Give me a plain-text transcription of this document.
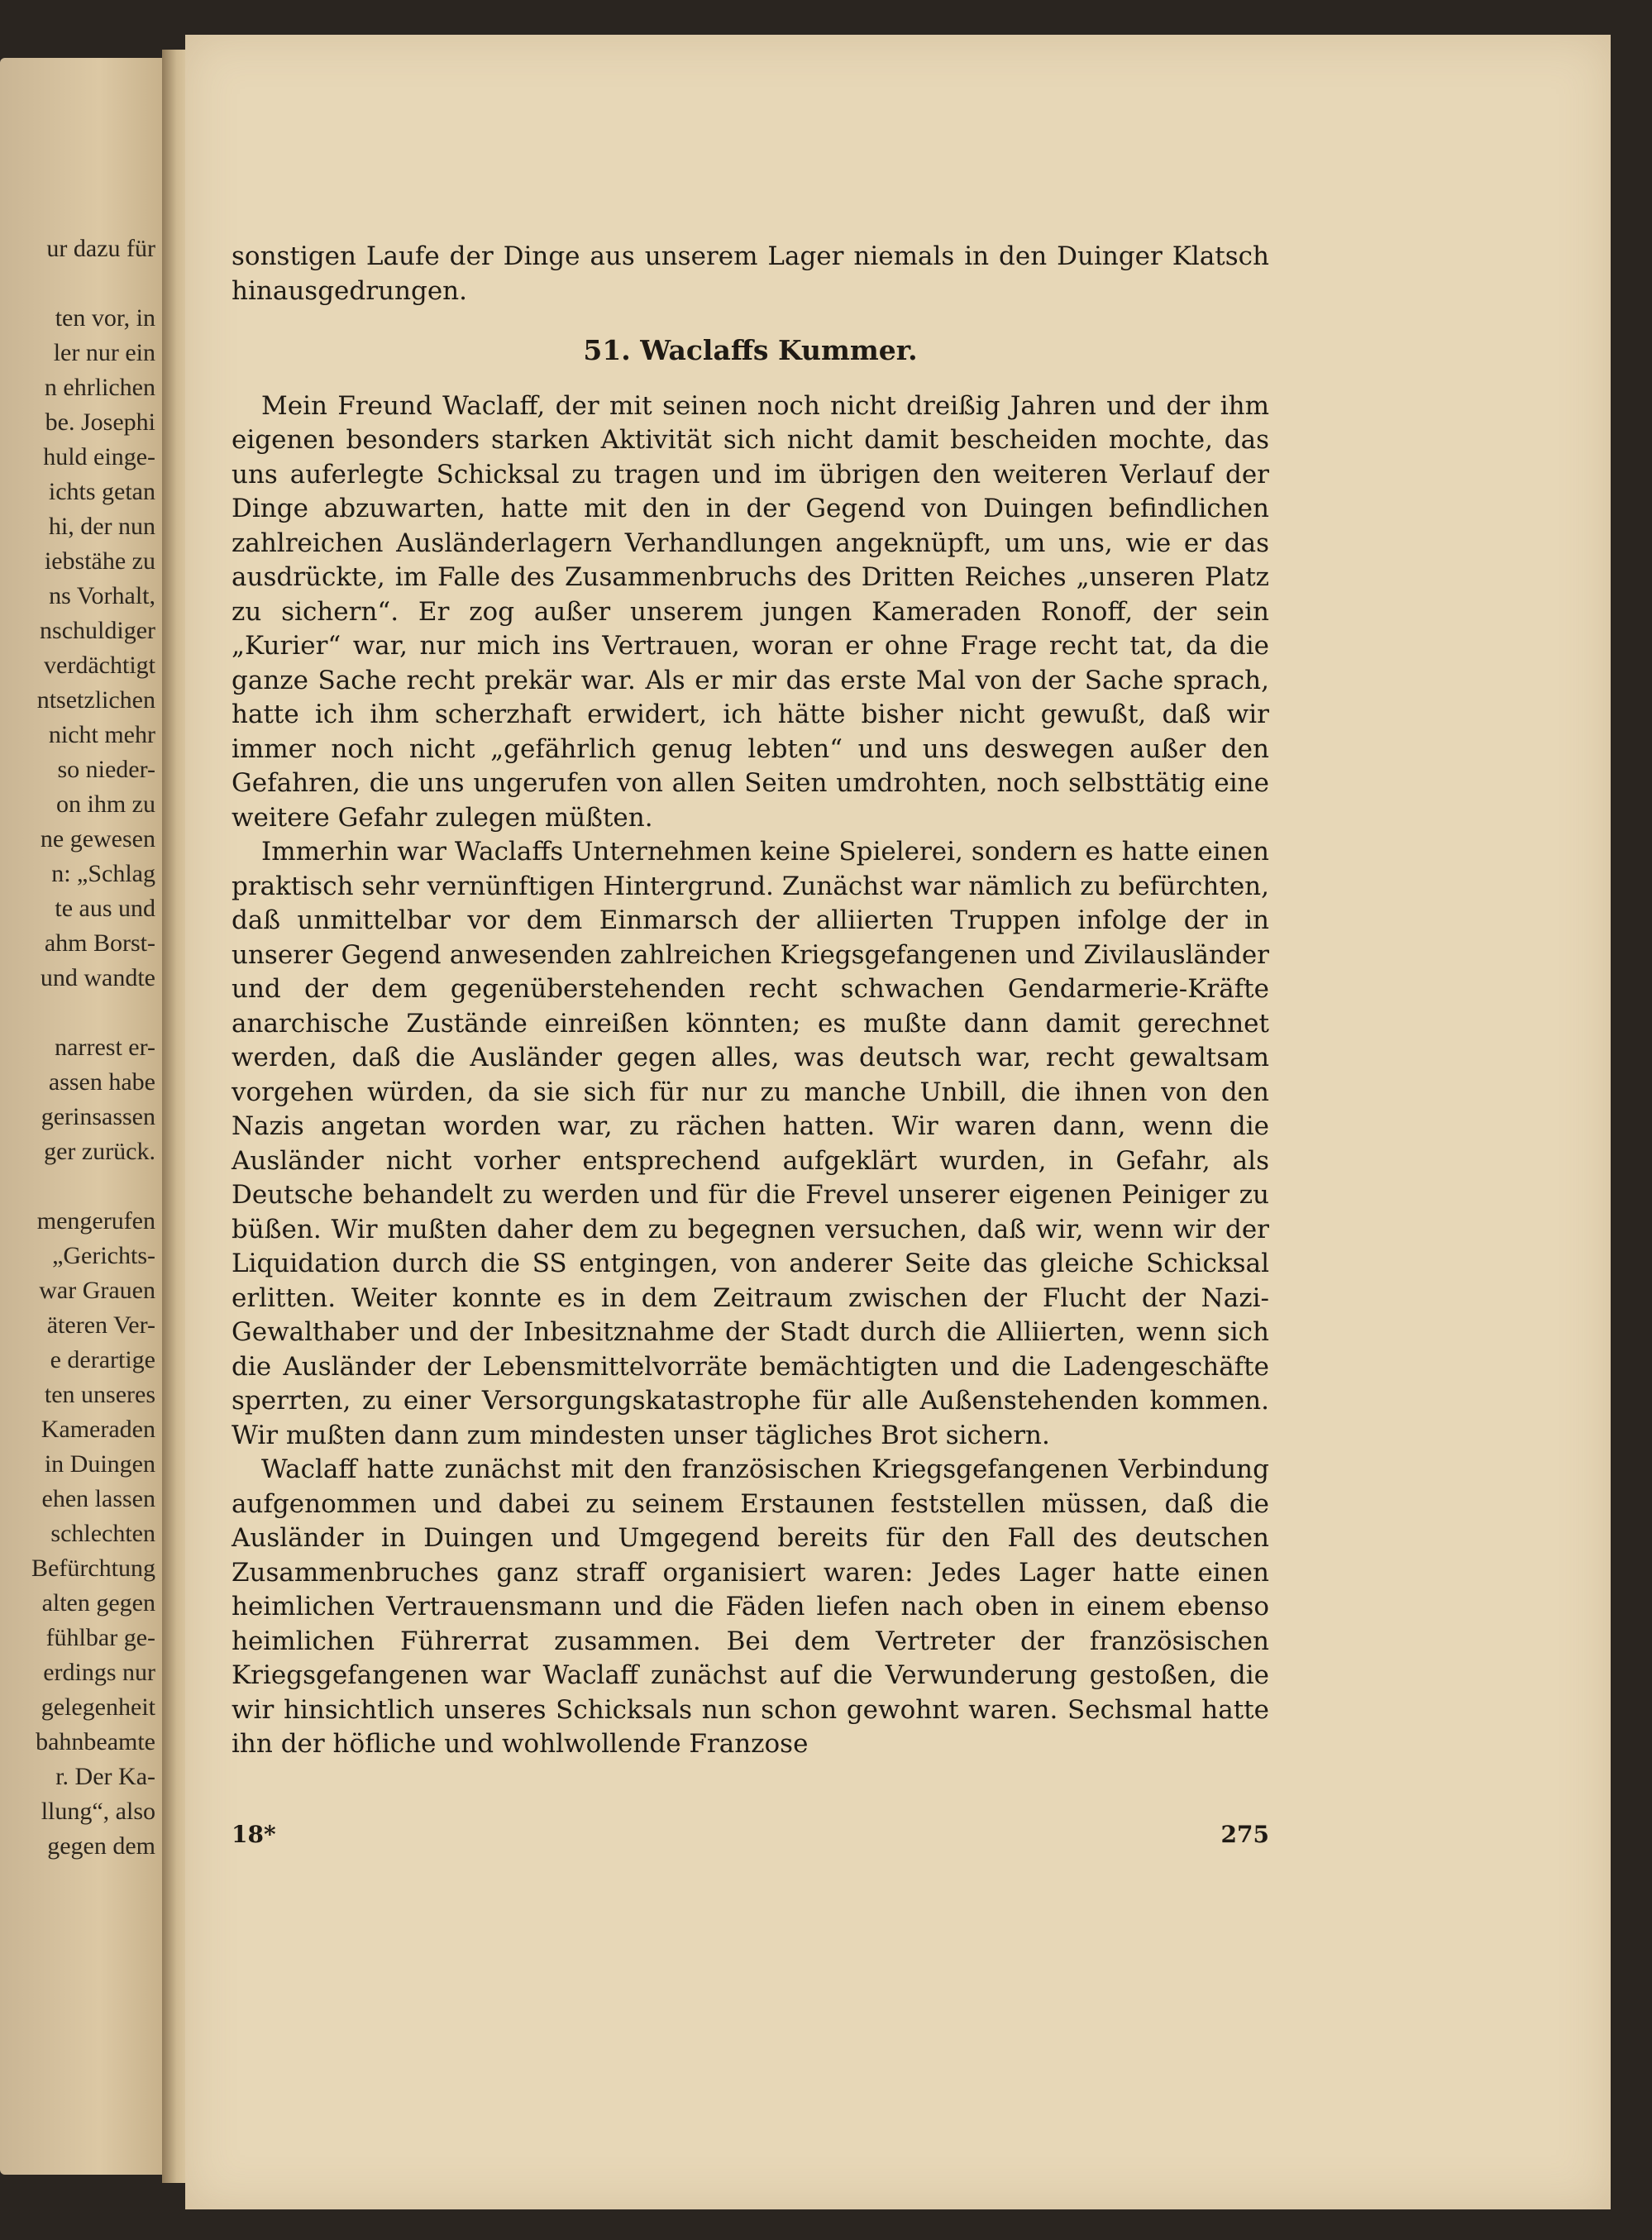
ur dazu für

ten vor, in
ler nur ein
n ehrlichen
be. Josephi
huld einge-
ichts getan
hi, der nun
iebstähe zu
ns Vorhalt,
nschuldiger
verdächtigt
ntsetzlichen
nicht mehr
so nieder-
on ihm zu
ne gewesen
n: „Schlag
te aus und
ahm Borst-
und wandte

narrest er-
assen habe
gerinsassen
ger zurück.

mengerufen
„Gerichts-
war Grauen
äteren Ver-
e derartige
ten unseres
Kameraden
in Duingen
ehen lassen
schlechten
Befürchtung
alten gegen
fühlbar ge-
erdings nur
gelegenheit
bahnbeamte
r. Der Ka-
llung“, also
gegen dem

sonstigen Laufe der Dinge aus unserem Lager niemals in den Duinger Klatsch hinausgedrungen.

51. Waclaffs Kummer.

Mein Freund Waclaff, der mit seinen noch nicht dreißig Jahren und der ihm eigenen besonders starken Aktivität sich nicht damit bescheiden mochte, das uns auferlegte Schicksal zu tragen und im übrigen den weiteren Verlauf der Dinge abzuwarten, hatte mit den in der Gegend von Duingen befindlichen zahlreichen Ausländerlagern Verhandlungen angeknüpft, um uns, wie er das ausdrückte, im Falle des Zusammenbruchs des Dritten Reiches „unseren Platz zu sichern“. Er zog außer unserem jungen Kameraden Ronoff, der sein „Kurier“ war, nur mich ins Vertrauen, woran er ohne Frage recht tat, da die ganze Sache recht prekär war. Als er mir das erste Mal von der Sache sprach, hatte ich ihm scherzhaft erwidert, ich hätte bisher nicht gewußt, daß wir immer noch nicht „gefährlich genug lebten“ und uns deswegen außer den Gefahren, die uns ungerufen von allen Seiten umdrohten, noch selbsttätig eine weitere Gefahr zulegen müßten.

Immerhin war Waclaffs Unternehmen keine Spielerei, sondern es hatte einen praktisch sehr vernünftigen Hintergrund. Zunächst war nämlich zu befürchten, daß unmittelbar vor dem Einmarsch der alliierten Truppen infolge der in unserer Gegend anwesenden zahlreichen Kriegsgefangenen und Zivilausländer und der dem gegenüberstehenden recht schwachen Gendarmerie-Kräfte anarchische Zustände einreißen könnten; es mußte dann damit gerechnet werden, daß die Ausländer gegen alles, was deutsch war, recht gewaltsam vorgehen würden, da sie sich für nur zu manche Unbill, die ihnen von den Nazis angetan worden war, zu rächen hatten. Wir waren dann, wenn die Ausländer nicht vorher entsprechend aufgeklärt wurden, in Gefahr, als Deutsche behandelt zu werden und für die Frevel unserer eigenen Peiniger zu büßen. Wir mußten daher dem zu begegnen versuchen, daß wir, wenn wir der Liquidation durch die SS entgingen, von anderer Seite das gleiche Schicksal erlitten. Weiter konnte es in dem Zeitraum zwischen der Flucht der Nazi-Gewalthaber und der Inbesitznahme der Stadt durch die Alliierten, wenn sich die Ausländer der Lebensmittelvorräte bemächtigten und die Ladengeschäfte sperrten, zu einer Versorgungskatastrophe für alle Außenstehenden kommen. Wir mußten dann zum mindesten unser tägliches Brot sichern.

Waclaff hatte zunächst mit den französischen Kriegsgefangenen Verbindung aufgenommen und dabei zu seinem Erstaunen feststellen müssen, daß die Ausländer in Duingen und Umgegend bereits für den Fall des deutschen Zusammenbruches ganz straff organisiert waren: Jedes Lager hatte einen heimlichen Vertrauensmann und die Fäden liefen nach oben in einem ebenso heimlichen Führerrat zusammen. Bei dem Vertreter der französischen Kriegsgefangenen war Waclaff zunächst auf die Verwunderung gestoßen, die wir hinsichtlich unseres Schicksals nun schon gewohnt waren. Sechsmal hatte ihn der höfliche und wohlwollende Franzose

18*	275
